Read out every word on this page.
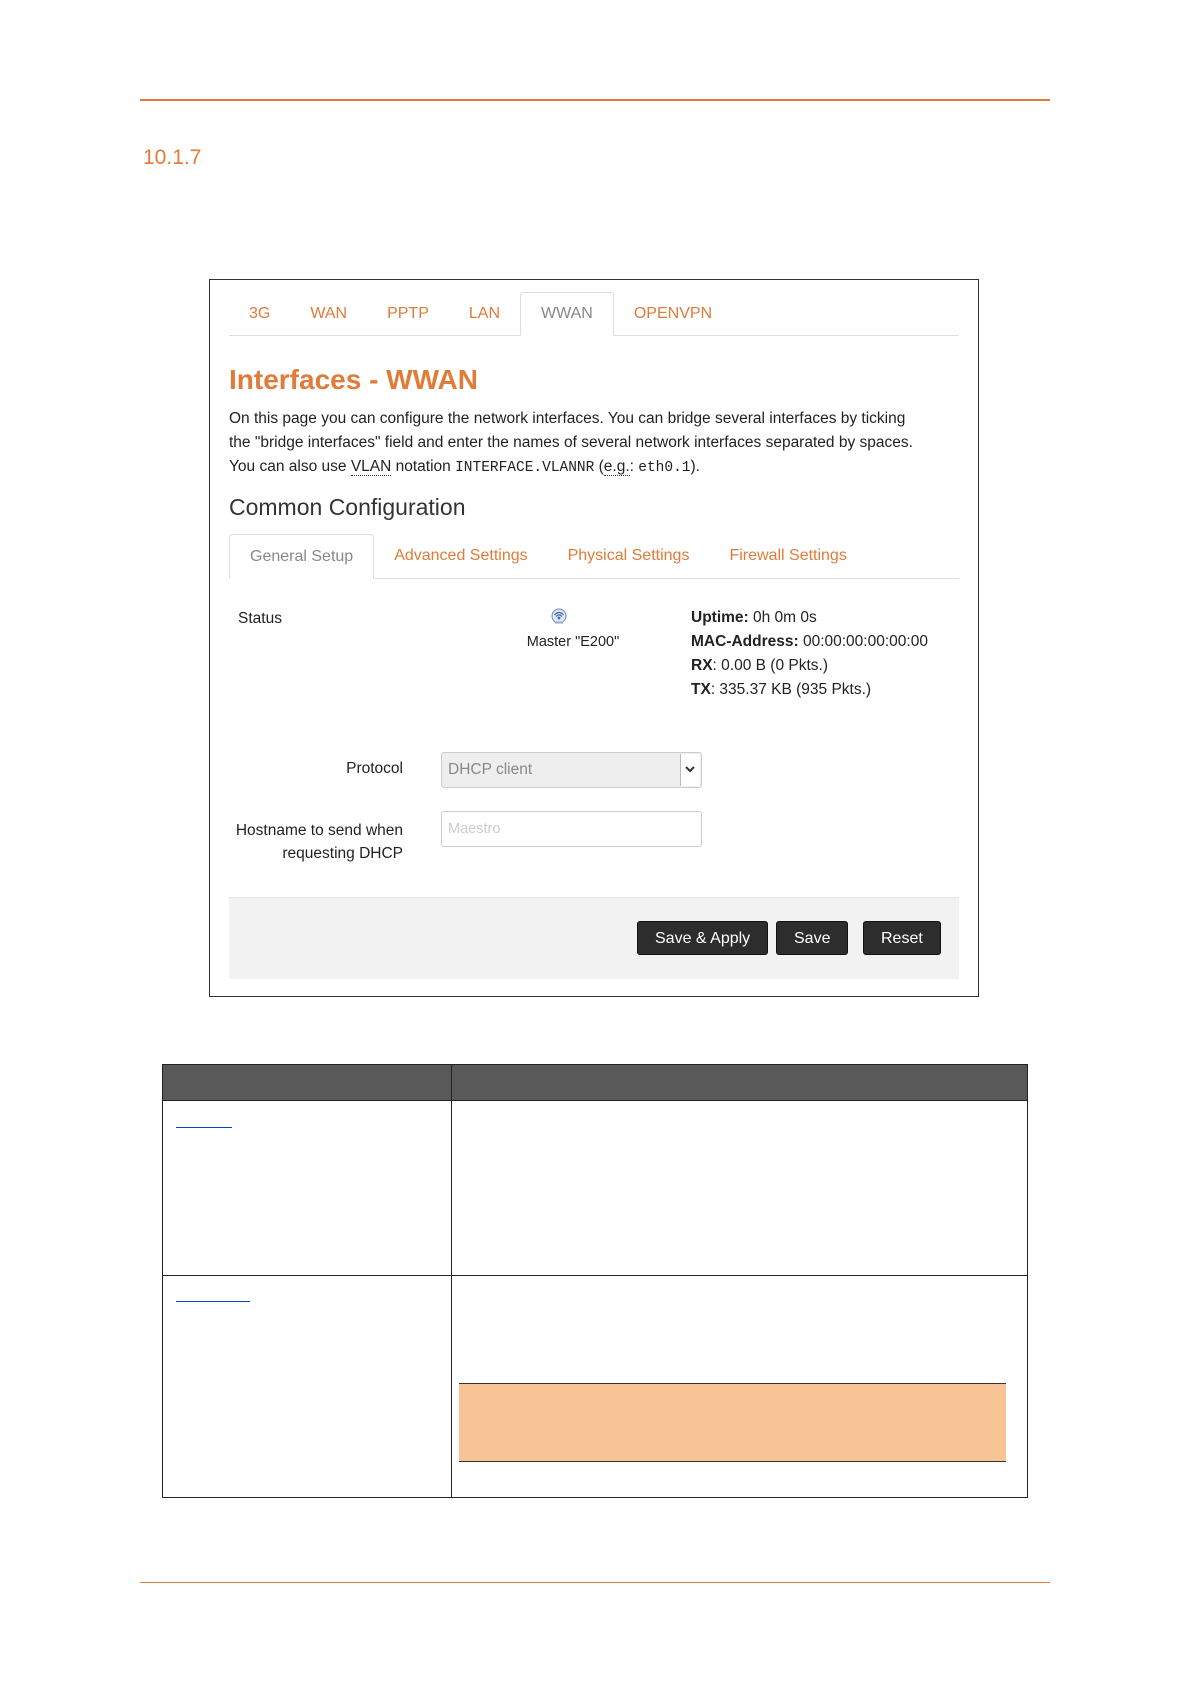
10.1.7
3G	WAN	PPTP	LAN	WWAN	OPENVPN
Interfaces - WWAN

On this page you can configure the network interfaces. You can bridge several interfaces by ticking
the "bridge interfaces" field and enter the names of several network interfaces separated by spaces.
You can also use VLAN notation INTERFACE.VLANNR (e.g.: eth0.1).

Common Configuration
General Setup	Advanced Settings	Physical Settings	Firewall Settings
Status
Master "E200"
Uptime: 0h 0m 0s
MAC-Address: 00:00:00:00:00:00
RX: 0.00 B (0 Pkts.)
TX: 335.37 KB (935 Pkts.)
Protocol	DHCP client
Hostname to send when
requesting DHCP
Maestro
Save & Apply	Save	Reset
